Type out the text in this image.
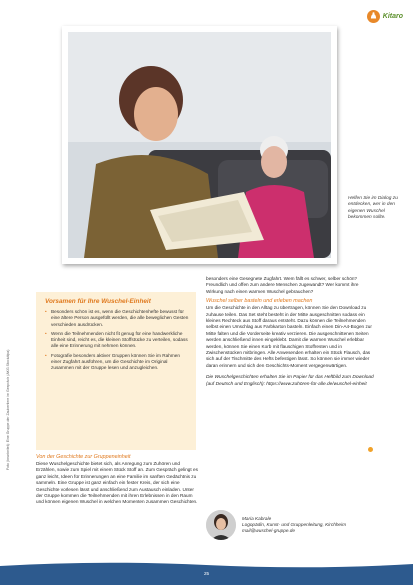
Kitaro
Helfen Sie im Dialog zu entdecken, wer in den eigenen Wuschel bekommen sollte.
Foto (bearbeitet): Eine Gruppe der Zaubertiere im Gespräch (AKG Stock/dpa)
Vorsamen für Ihre Wuschel-Einheit
• Besonders schön ist es, wenn die Geschichtenhefte bewusst für eine ältere Person ausgefüllt werden, die alle beweglichen Gesten verschieden ausdrücken.
• Wenn die Teilnehmenden nicht fit genug für eine handwerkliche Einheit sind, reicht es, die kleinen Stoffstücke zu verteilen, sodass alle eine Erinnerung mit nehmen können.
• Fotografie besonders aktiver Gruppen können Sie im Rahmen einer Zugfahrt ausführen, um die Geschichte im Original zusammen mit der Gruppe lesen und anzugleichen.
Von der Geschichte zur Gruppeneinheit

Diese Wuschelgeschichte bietet sich, als Anregung zum Zuhören und Erzählen, sowie zum Spiel mit einem Stück Stoff an. Zum Gespräch gelingt es ganz leicht, Ideen für Erinnerungen an eine Familie im sanften Gedächtnis zu sammeln. Eine Gruppe ist ganz einfach ein fester Kreis, der sich eine Geschichte vorlesen lässt und anschließend zum Austausch einladen. Unter der Gruppe kommen die Teilnehmenden mit ihren Erlebnissen in den Raum und können eigenen Wuschel in welchen Momenten zusammen Geschichten.

besonders eine Gesegnete Zugfahrt. Wem fällt es schwer, selber schön? Freundlich und offen zum andere Menschen zugewandt? Wer kommt ihre Wirkung nach einen warmen Wuschel gebrauchen?

Wuschel selber basteln und erleben machen

Um die Geschichte in den Alltag zu übertragen, können Sie den Download zu zuhause teilen. Das Set steht besteht in der Mitte ausgeschnitten sodass ein kleines Rechteck aus Stoff daraus entsteht. Dazu können die Teilnehmenden selbst einen Umschlag aus Farbkarton basteln. Einfach einen Din-A4-Bogen zur Mitte falten und die Vorderseite kreativ verzieren. Die ausgeschnittenen Seiten werden anschließend innen eingeklebt. Damit die warmen Wuschel erlebbar werden, können Sie einen Korb mit flauschigen Stoffresten und in Zwischenstücken mitbringen. Alle Anwesenden erhalten ein Stück Flausch, das sich auf der Tischmitte des Hefts befestigen lässt. So können sie immer wieder daran erinnern und sich den Geschichts-Moment vergegenwärtigen.

Die Wuschelgeschichten erhalten Sie im Papier für das Heftbild zum Download (auf Deutsch und Englisch): https://www.zuhören-für-alle.de/wuschel-einheit
Maria Kabrale
Logopädin, Kunst- und Gruppenleitung, Kirchheim
mail@wuschel-gruppe.de
Kitaro WuschelGeschichten
25
